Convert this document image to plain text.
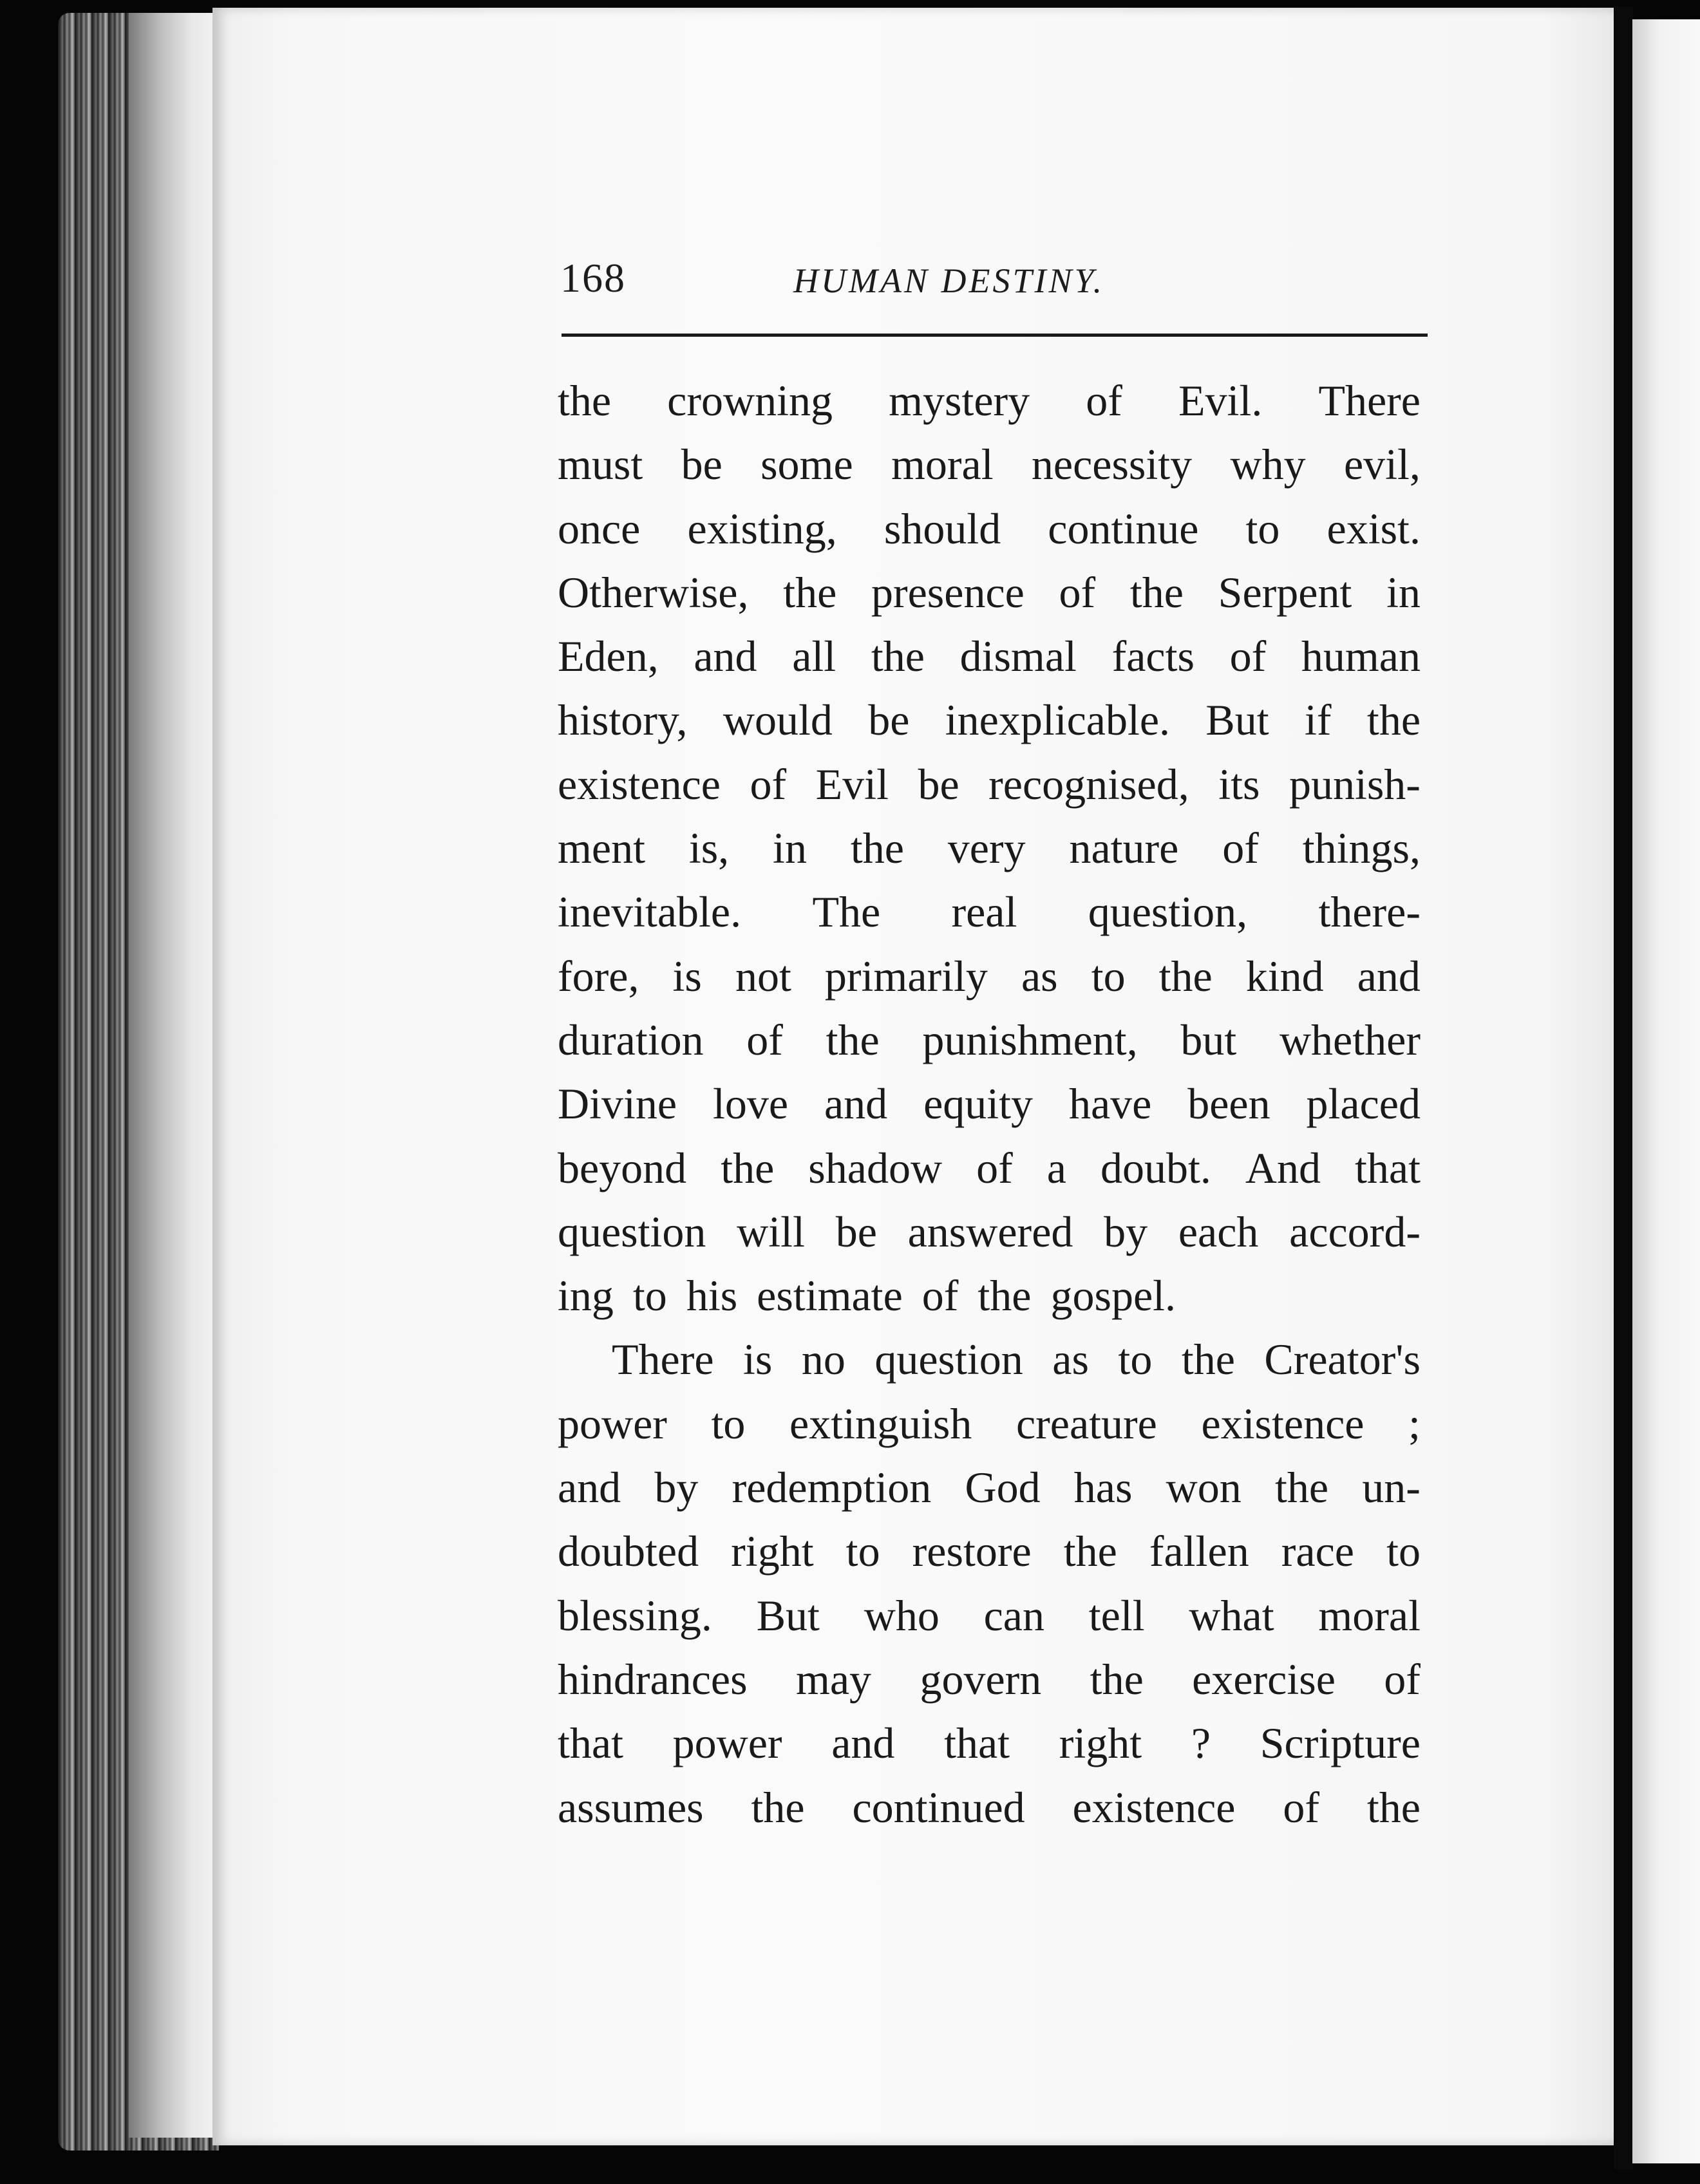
168	HUMAN DESTINY.
the crowning mystery of Evil. There
must be some moral necessity why evil,
once existing, should continue to exist.
Otherwise, the presence of the Serpent in
Eden, and all the dismal facts of human
history, would be inexplicable. But if the
existence of Evil be recognised, its punish-
ment is, in the very nature of things,
inevitable. The real question, there-
fore, is not primarily as to the kind and
duration of the punishment, but whether
Divine love and equity have been placed
beyond the shadow of a doubt. And that
question will be answered by each accord-
ing to his estimate of the gospel.
There is no question as to the Creator's
power to extinguish creature existence ;
and by redemption God has won the un-
doubted right to restore the fallen race to
blessing. But who can tell what moral
hindrances may govern the exercise of
that power and that right ? Scripture
assumes the continued existence of the
